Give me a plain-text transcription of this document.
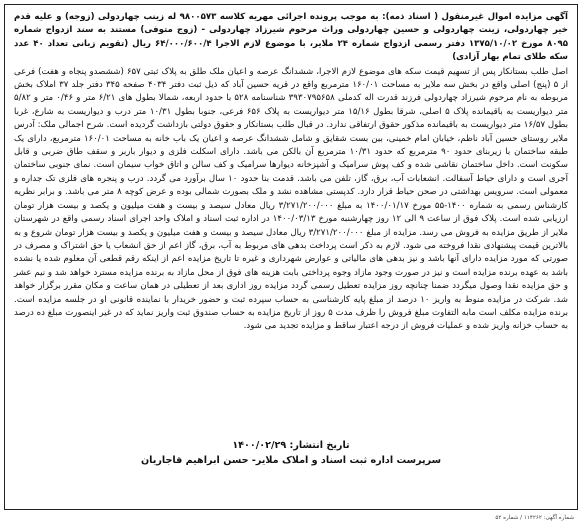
آگهی مزایده اموال غیرمنقول ( اسناد ذمه): به موجب پرونده اجرائی مهریه کلاسه ۹۸۰۰۵۷۳ له زینب چهاردولی (زوجه) و علیه قدم خیر چهاردولی، زینت چهاردولی و حسین چهاردولی وراث مرحوم شیرزاد چهاردولی - (زوج متوفی) مستند به سند ازدواج شماره ۸۰۹۵ مورخ ۱۳۷۵/۱۰/۰۲ دفتر رسمی ازدواج شماره ۲۴ ملایر، با موضوع لازم الاجرا ۶۴/۰۰۰/۶۰۰/۴ ریال (تقویم زبانی تعداد ۴۰ عدد سکه طلای تمام بهار آزادی)

اصل طلب بستانکار پس از تسهیم قیمت سکه های موضوع لازم الاجرا، ششدانگ عرصه و اعیان ملک طلق به پلاک ثبتی ۶۵۷ (ششصدو پنجاه و هفت) فرعی از ۵ (پنج) اصلی واقع در بخش سه ملایر به مساحت ۱۶۰/۰۱ مترمربع واقع در قریه حسین آباد که ذیل ثبت دفتر ۴۰۳۴ صفحه ۳۴۵ دفتر جلد ۳۷ املاک بخش مربوطه به نام مرحوم شیرزاد چهاردولی فرزند قدرت اله کدملی ۳۹۳۰۷۹۵۶۵۸ شناسنامه ۵۲۸ با حدود اربعه، شمالا بطول های ۶/۲۱ متر و ۰/۴۶ متر و ۵/۸۲ متر دیواریست به باقیمانده پلاک ۵ اصلی، شرقا بطول ۱۵/۱۶ متر دیواریست به پلاک ۶۵۶ فرعی، جنوبا بطول ۱۰/۳۱ متر درب و دیواریست به شارع، غربا بطول ۱۶/۵۷ متر دیواریست به باقیمانده مذکور حقوق ارتفاقی ندارد. در قبال طلب بستانکار و حقوق دولتی بازداشت گردیده است. شرح اجمالی ملک: آدرس ملایر روستای حسین آباد ناظم، خیابان امام خمینی، بین بست شقایق و شامل ششدانگ عرصه و اعیان یک باب خانه به مساحت ۱۶۰/۰۱ مترمربع، دارای یک طبقه ساختمان با زیربنای حدود ۹۰ مترمربع که حدود ۱۰/۳۱ مترمربع آن بالکن می باشد. دارای اسکلت فلزی و دیوار باربر و سقف طاق ضربی و قابل سکونت است. داخل ساختمان نقاشی شده و کف پوش سرامیک و آشپزخانه دیوارها سرامیک و کف سالن و اتاق خواب سیمان است. نمای جنوبی ساختمان آجری است و دارای حیاط آسفالت. انشعابات آب، برق، گاز، تلفن می باشد. قدمت بنا حدود ۱۰ سال برآورد می گردد. درب و پنجره های فلزی تک جداره و معمولی است. سرویس بهداشتی در صحن حیاط قرار دارد. کدپستی مشاهده نشد و ملک بصورت شمالی بوده و عرض کوچه ۸ متر می باشد. و برابر نظریه کارشناس رسمی به شماره ۱۴۰۰-۵۵ مورخ ۱۴۰۰/۰۱/۱۷ به مبلغ ۳/۲۷۱/۲۰۰/۰۰۰ ریال معادل سیصد و بیست و هفت میلیون و یکصد و بیست هزار تومان ارزیابی شده است. پلاک فوق از ساعت ۹ الی ۱۲ روز چهارشنبه مورخ ۱۴۰۰/۰۳/۱۳ در اداره ثبت اسناد و املاک واحد اجرای اسناد رسمی واقع در شهرستان ملایر از طریق مزایده به فروش می رسد. مزایده از مبلغ ۳/۲۷۱/۲۰۰/۰۰۰ ریال معادل سیصد و بیست و هفت میلیون و یکصد و بیست هزار تومان شروع و به بالاترین قیمت پیشنهادی نقدا فروخته می شود. لازم به ذکر است پرداخت بدهی های مربوط به آب، برق، گاز اعم از حق انشعاب یا حق اشتراک و مصرف در صورتی که مورد مزایده دارای آنها باشد و نیز بدهی های مالیاتی و عوارض شهرداری و غیره تا تاریخ مزایده اعم از اینکه رقم قطعی آن معلوم شده یا نشده باشد به عهده برنده مزایده است و نیز در صورت وجود مازاد وجوه پرداختی بابت هزینه های فوق از محل مازاد به برنده مزایده مسترد خواهد شد و نیم عشر و حق مزایده نقدا وصول میگردد ضمنا چنانچه روز مزایده تعطیل رسمی گردد مزایده روز اداری بعد از تعطیلی در همان ساعت و مکان مقرر برگزار خواهد شد. شرکت در مزایده منوط به واریز ۱۰ درصد از مبلغ پایه کارشناسی به حساب سپرده ثبت و حضور خریدار با نماینده قانونی او در جلسه مزایده است. برنده مزایده مکلف است مابه التفاوت مبلغ فروش را ظرف مدت ۵ روز از تاریخ مزایده به حساب صندوق ثبت واریز نماید که در غیر اینصورت مبلغ ده درصد به حساب خزانه واریز شده و عملیات فروش از درجه اعتبار ساقط و مزایده تجدید می شود.

تاریخ انتشار: ۱۴۰۰/۰۲/۲۹
سرپرست اداره ثبت اسناد و املاک ملایر- حسن ابراهیم قاجاریان
شماره آگهی: ۱۱۴۲۶۲ / شماره ۵۲
